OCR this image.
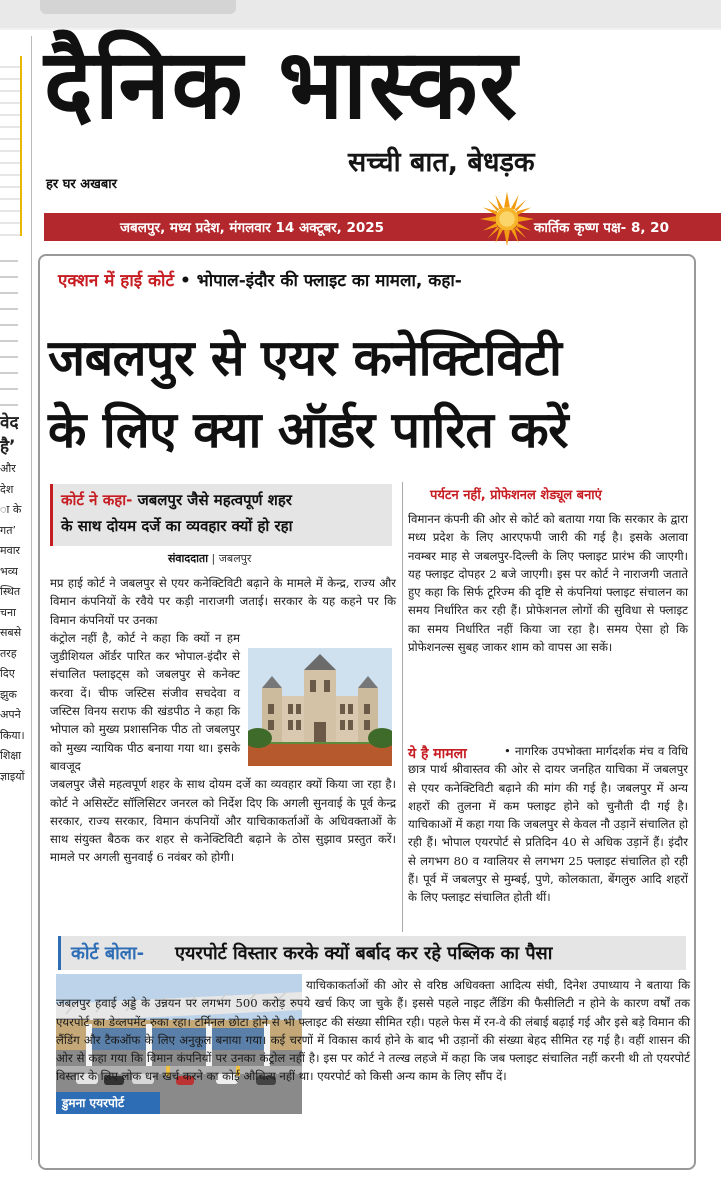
वेद
है’
और
देश
ा के
गत’
मवार
भव्य
स्थित
चना
सबसे
तरह
दिए
झुक
अपने
किया।
शिक्षा
ज्ञाइयों
दैनिक भास्कर
सच्ची बात, बेधड़क
हर घर अखबार
जबलपुर, मध्य प्रदेश, मंगलवार 14 अक्टूबर, 2025	कार्तिक कृष्ण पक्ष- 8, 20
एक्शन में हाई कोर्ट • भोपाल-इंदौर की फ्लाइट का मामला, कहा-
जबलपुर से एयर कनेक्टिविटी
के लिए क्या ऑर्डर पारित करें
कोर्ट ने कहा- जबलपुर जैसे महत्वपूर्ण शहर
के साथ दोयम दर्जे का व्यवहार क्यों हो रहा
संवाददाता | जबलपुर

मप्र हाई कोर्ट ने जबलपुर से एयर कनेक्टिविटी बढ़ाने के मामले में केन्द्र, राज्य और विमान कंपनियों के रवैये पर कड़ी नाराजगी जताई। सरकार के यह कहने पर कि विमान कंपनियों पर उनका

कंट्रोल नहीं है, कोर्ट ने कहा कि क्यों न हम जुडीशियल ऑर्डर पारित कर भोपाल-इंदौर से संचालित फ्लाइट्स को जबलपुर से कनेक्ट करवा दें। चीफ जस्टिस संजीव सचदेवा व जस्टिस विनय सराफ की खंडपीठ ने कहा कि भोपाल को मुख्य प्रशासनिक पीठ तो जबलपुर को मुख्य न्यायिक पीठ बनाया गया था। इसके बावजूद

जबलपुर जैसे महत्वपूर्ण शहर के साथ दोयम दर्जे का व्यवहार क्यों किया जा रहा है। कोर्ट ने असिस्टेंट सॉलिसिटर जनरल को निर्देश दिए कि अगली सुनवाई के पूर्व केन्द्र सरकार, राज्य सरकार, विमान कंपनियों और याचिकाकर्ताओं के अधिवक्ताओं के साथ संयुक्त बैठक कर शहर से कनेक्टिविटी बढ़ाने के ठोस सुझाव प्रस्तुत करें। मामले पर अगली सुनवाई 6 नवंबर को होगी।

पर्यटन नहीं, प्रोफेशनल शेड्यूल बनाएं

विमानन कंपनी की ओर से कोर्ट को बताया गया कि सरकार के द्वारा मध्य प्रदेश के लिए आरएफपी जारी की गई है। इसके अलावा नवम्बर माह से जबलपुर-दिल्ली के लिए फ्लाइट प्रारंभ की जाएगी। यह फ्लाइट दोपहर 2 बजे जाएगी। इस पर कोर्ट ने नाराजगी जताते हुए कहा कि सिर्फ टूरिज्म की दृष्टि से कंपनियां फ्लाइट संचालन का समय निर्धारित कर रही हैं। प्रोफेशनल लोगों की सुविधा से फ्लाइट का समय निर्धारित नहीं किया जा रहा है। समय ऐसा हो कि प्रोफेशनल्स सुबह जाकर शाम को वापस आ सकें।

ये है मामला	• नागरिक उपभोक्ता मार्गदर्शक मंच व विधि छात्र पार्थ श्रीवास्तव की ओर से दायर जनहित याचिका में जबलपुर से एयर कनेक्टिविटी बढ़ाने की मांग की गई है। जबलपुर में अन्य शहरों की तुलना में कम फ्लाइट होने को चुनौती दी गई है। याचिकाओं में कहा गया कि जबलपुर से केवल नौ उड़ानें संचालित हो रही हैं। भोपाल एयरपोर्ट से प्रतिदिन 40 से अधिक उड़ानें हैं। इंदौर से लगभग 80 व ग्वालियर से लगभग 25 फ्लाइट संचालित हो रही हैं। पूर्व में जबलपुर से मुम्बई, पुणे, कोलकाता, बेंगलुरु आदि शहरों के लिए फ्लाइट संचालित होती थीं।

कोर्ट बोला- एयरपोर्ट विस्तार करके क्यों बर्बाद कर रहे पब्लिक का पैसा
डुमना एयरपोर्ट

याचिकाकर्ताओं की ओर से वरिष्ठ अधिवक्ता आदित्य संघी, दिनेश उपाध्याय ने बताया कि जबलपुर हवाई अड्डे के उन्नयन पर लगभग 500 करोड़ रुपये खर्च किए जा चुके हैं। इससे पहले नाइट लैंडिंग की फैसीलिटी न होने के कारण वर्षों तक एयरपोर्ट का डेव्लपमेंट रुका रहा। टर्मिनल छोटा होने से भी फ्लाइट की संख्या सीमित रही। पहले फेस में रन-वे की लंबाई बढ़ाई गई और इसे बड़े विमान की लैंडिंग और टैकऑफ के लिए अनुकूल बनाया गया। कई चरणों में विकास कार्य होने के बाद भी उड़ानों की संख्या बेहद सीमित रह गई है। वहीं शासन की ओर से कहा गया कि विमान कंपनियों पर उनका कंट्रोल नहीं है। इस पर कोर्ट ने तल्ख लहजे में कहा कि जब फ्लाइट संचालित नहीं करनी थी तो एयरपोर्ट विस्तार के लिए लोक धन खर्च करने का कोई औचित्य नहीं था। एयरपोर्ट को किसी अन्य काम के लिए सौंप दें।
